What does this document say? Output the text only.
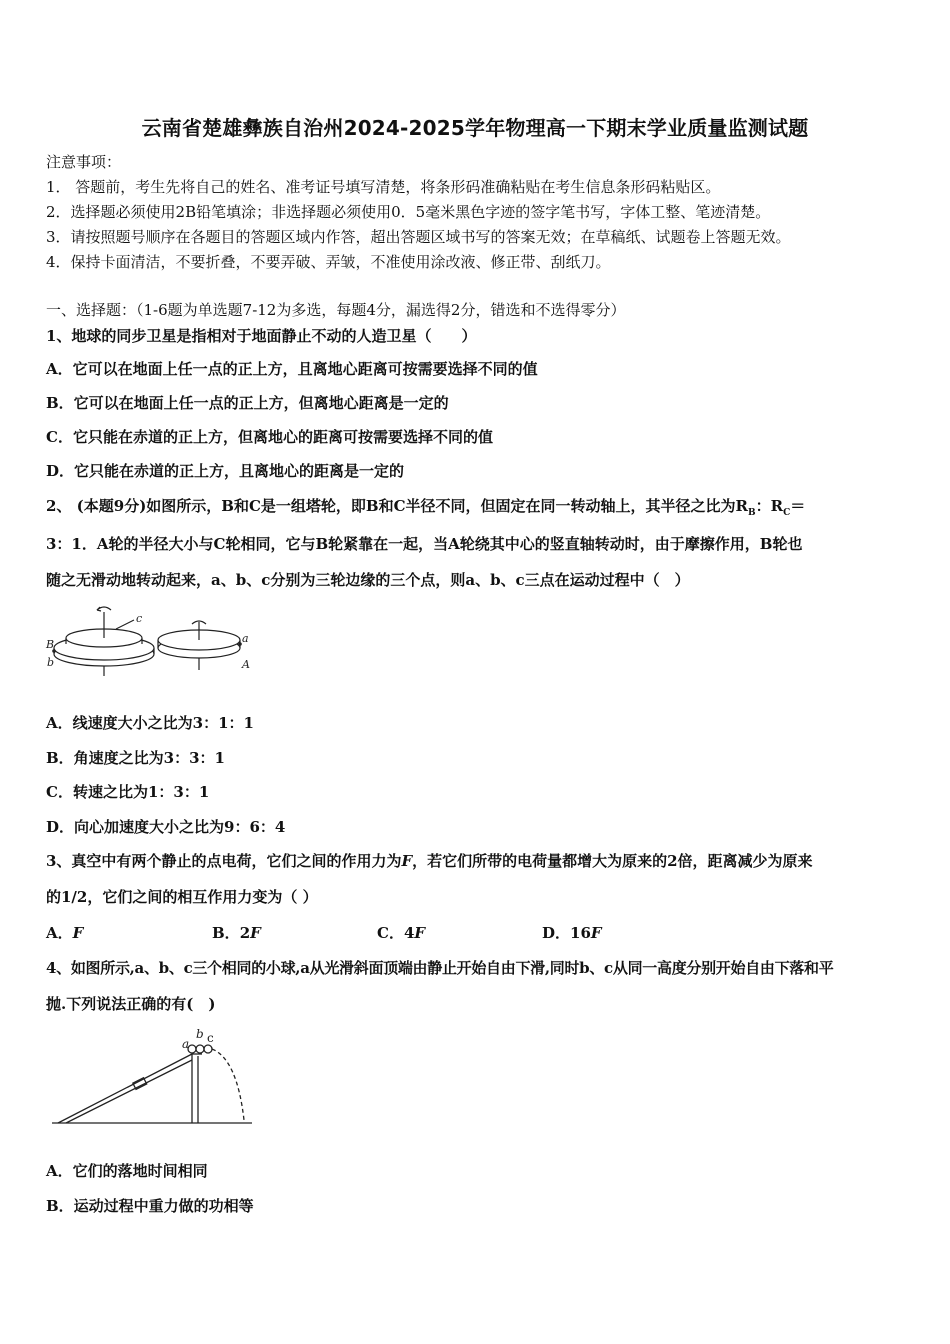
云南省楚雄彝族自治州2024-2025学年物理高一下期末学业质量监测试题
注意事项：
1． 答题前，考生先将自己的姓名、准考证号填写清楚，将条形码准确粘贴在考生信息条形码粘贴区。
2．选择题必须使用2B铅笔填涂；非选择题必须使用0．5毫米黑色字迹的签字笔书写，字体工整、笔迹清楚。
3．请按照题号顺序在各题目的答题区域内作答，超出答题区域书写的答案无效；在草稿纸、试题卷上答题无效。
4．保持卡面清洁，不要折叠，不要弄破、弄皱，不准使用涂改液、修正带、刮纸刀。
一、选择题：（1-6题为单选题7-12为多选，每题4分，漏选得2分，错选和不选得零分）
1、地球的同步卫星是指相对于地面静止不动的人造卫星（　　）
A．它可以在地面上任一点的正上方，且离地心距离可按需要选择不同的值
B．它可以在地面上任一点的正上方，但离地心距离是一定的
C．它只能在赤道的正上方，但离地心的距离可按需要选择不同的值
D．它只能在赤道的正上方，且离地心的距离是一定的
2、 (本题9分)如图所示，B和C是一组塔轮，即B和C半径不同，但固定在同一转动轴上，其半径之比为$R_B$：$R_C=$
3：1．A轮的半径大小与C轮相同，它与B轮紧靠在一起，当A轮绕其中心的竖直轴转动时，由于摩擦作用，B轮也
随之无滑动地转动起来，a、b、c分别为三轮边缘的三个点，则a、b、c三点在运动过程中（　）
B
b
c
a
A
A．线速度大小之比为3：1：1
B．角速度之比为3：3：1
C．转速之比为1：3：1
D．向心加速度大小之比为9：6：4
3、真空中有两个静止的点电荷，它们之间的作用力为F，若它们所带的电荷量都增大为原来的2倍，距离减少为原来
的1/2，它们之间的相互作用力变为（ ）
A．F	B．2F	C．4F	D．16F
4、如图所示,a、b、c三个相同的小球,a从光滑斜面顶端由静止开始自由下滑,同时b、c从同一高度分别开始自由下落和平
抛.下列说法正确的有(　)
a
b c
A．它们的落地时间相同
B．运动过程中重力做的功相等
